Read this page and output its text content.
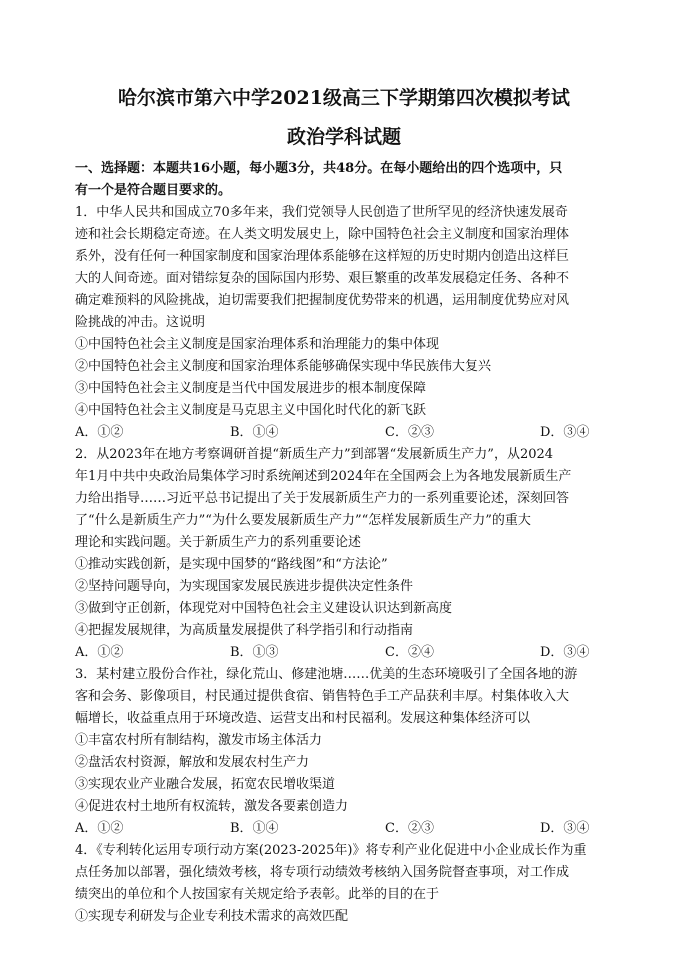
哈尔滨市第六中学2021级高三下学期第四次模拟考试
政治学科试题
一、选择题：本题共16小题，每小题3分，共48分。在每小题给出的四个选项中，只
有一个是符合题目要求的。
1．中华人民共和国成立70多年来，我们党领导人民创造了世所罕见的经济快速发展奇
迹和社会长期稳定奇迹。在人类文明发展史上，除中国特色社会主义制度和国家治理体
系外，没有任何一种国家制度和国家治理体系能够在这样短的历史时期内创造出这样巨
大的人间奇迹。面对错综复杂的国际国内形势、艰巨繁重的改革发展稳定任务、各种不
确定难预料的风险挑战，迫切需要我们把握制度优势带来的机遇，运用制度优势应对风
险挑战的冲击。这说明
①中国特色社会主义制度是国家治理体系和治理能力的集中体现
②中国特色社会主义制度和国家治理体系能够确保实现中华民族伟大复兴
③中国特色社会主义制度是当代中国发展进步的根本制度保障
④中国特色社会主义制度是马克思主义中国化时代化的新飞跃
A．①②	B．①④	C．②③	D．③④
2．从2023年在地方考察调研首提“新质生产力”到部署“发展新质生产力”，从2024
年1月中共中央政治局集体学习时系统阐述到2024年在全国两会上为各地发展新质生产
力给出指导……习近平总书记提出了关于发展新质生产力的一系列重要论述，深刻回答
了“什么是新质生产力”“为什么要发展新质生产力”“怎样发展新质生产力”的重大
理论和实践问题。关于新质生产力的系列重要论述
①推动实践创新，是实现中国梦的“路线图”和“方法论”
②坚持问题导向，为实现国家发展民族进步提供决定性条件
③做到守正创新，体现党对中国特色社会主义建设认识达到新高度
④把握发展规律，为高质量发展提供了科学指引和行动指南
A．①②	B．①③	C．②④	D．③④
3．某村建立股份合作社，绿化荒山、修建池塘……优美的生态环境吸引了全国各地的游
客和会务、影像项目，村民通过提供食宿、销售特色手工产品获利丰厚。村集体收入大
幅增长，收益重点用于环境改造、运营支出和村民福利。发展这种集体经济可以
①丰富农村所有制结构，激发市场主体活力
②盘活农村资源，解放和发展农村生产力
③实现农业产业融合发展，拓宽农民增收渠道
④促进农村土地所有权流转，激发各要素创造力
A．①②	B．①④	C．②③	D．③④
4．《专利转化运用专项行动方案(2023-2025年)》将专利产业化促进中小企业成长作为重
点任务加以部署，强化绩效考核，将专项行动绩效考核纳入国务院督查事项，对工作成
绩突出的单位和个人按国家有关规定给予表彰。此举的目的在于
①实现专利研发与企业专利技术需求的高效匹配
